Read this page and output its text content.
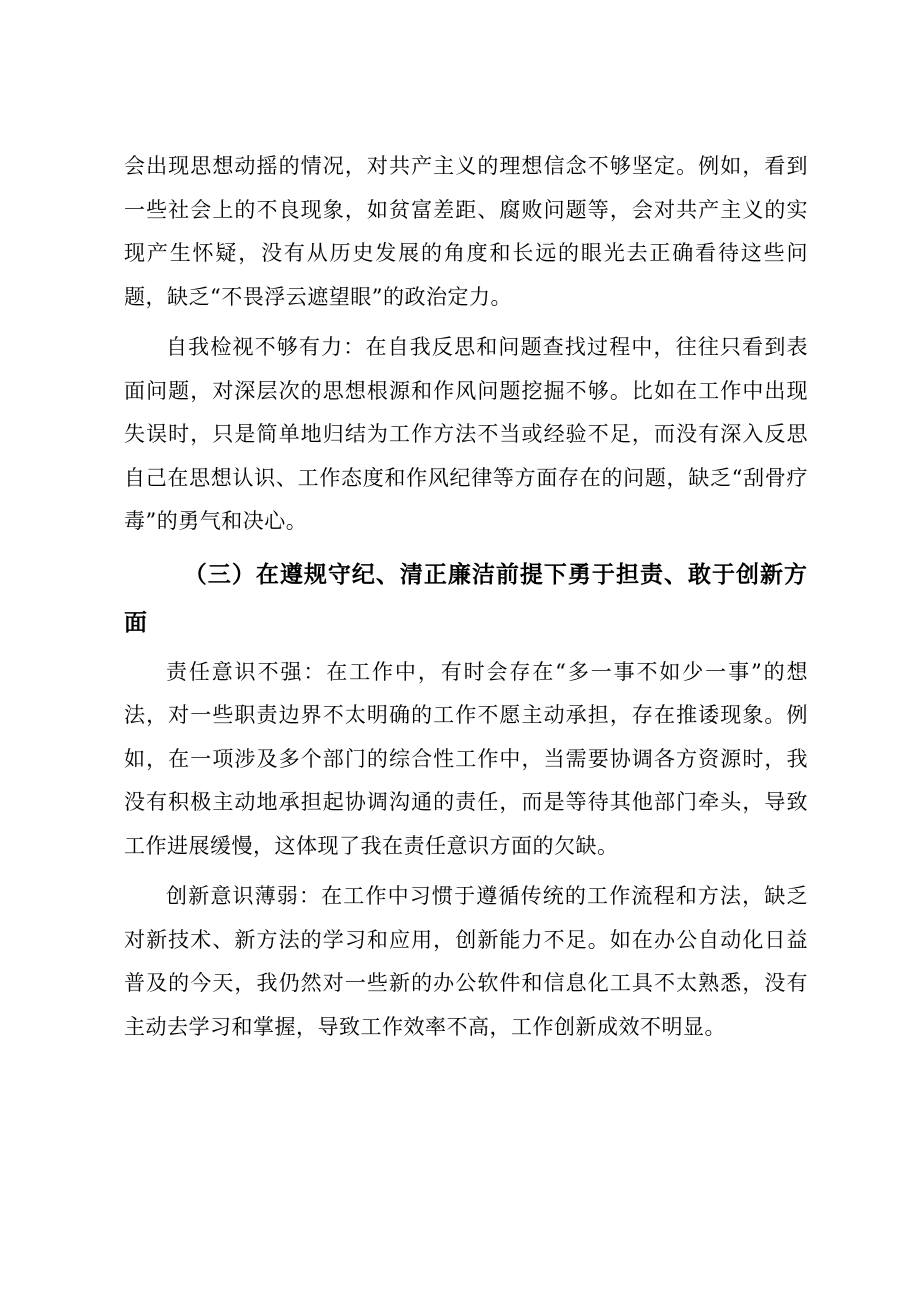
会出现思想动摇的情况，对共产主义的理想信念不够坚定。例如，看到一些社会上的不良现象，如贫富差距、腐败问题等，会对共产主义的实现产生怀疑，没有从历史发展的角度和长远的眼光去正确看待这些问题，缺乏“不畏浮云遮望眼”的政治定力。

自我检视不够有力：在自我反思和问题查找过程中，往往只看到表面问题，对深层次的思想根源和作风问题挖掘不够。比如在工作中出现失误时，只是简单地归结为工作方法不当或经验不足，而没有深入反思自己在思想认识、工作态度和作风纪律等方面存在的问题，缺乏“刮骨疗毒”的勇气和决心。

（三）在遵规守纪、清正廉洁前提下勇于担责、敢于创新方面

责任意识不强：在工作中，有时会存在“多一事不如少一事”的想法，对一些职责边界不太明确的工作不愿主动承担，存在推诿现象。例如，在一项涉及多个部门的综合性工作中，当需要协调各方资源时，我没有积极主动地承担起协调沟通的责任，而是等待其他部门牵头，导致工作进展缓慢，这体现了我在责任意识方面的欠缺。

创新意识薄弱：在工作中习惯于遵循传统的工作流程和方法，缺乏对新技术、新方法的学习和应用，创新能力不足。如在办公自动化日益普及的今天，我仍然对一些新的办公软件和信息化工具不太熟悉，没有主动去学习和掌握，导致工作效率不高，工作创新成效不明显。
